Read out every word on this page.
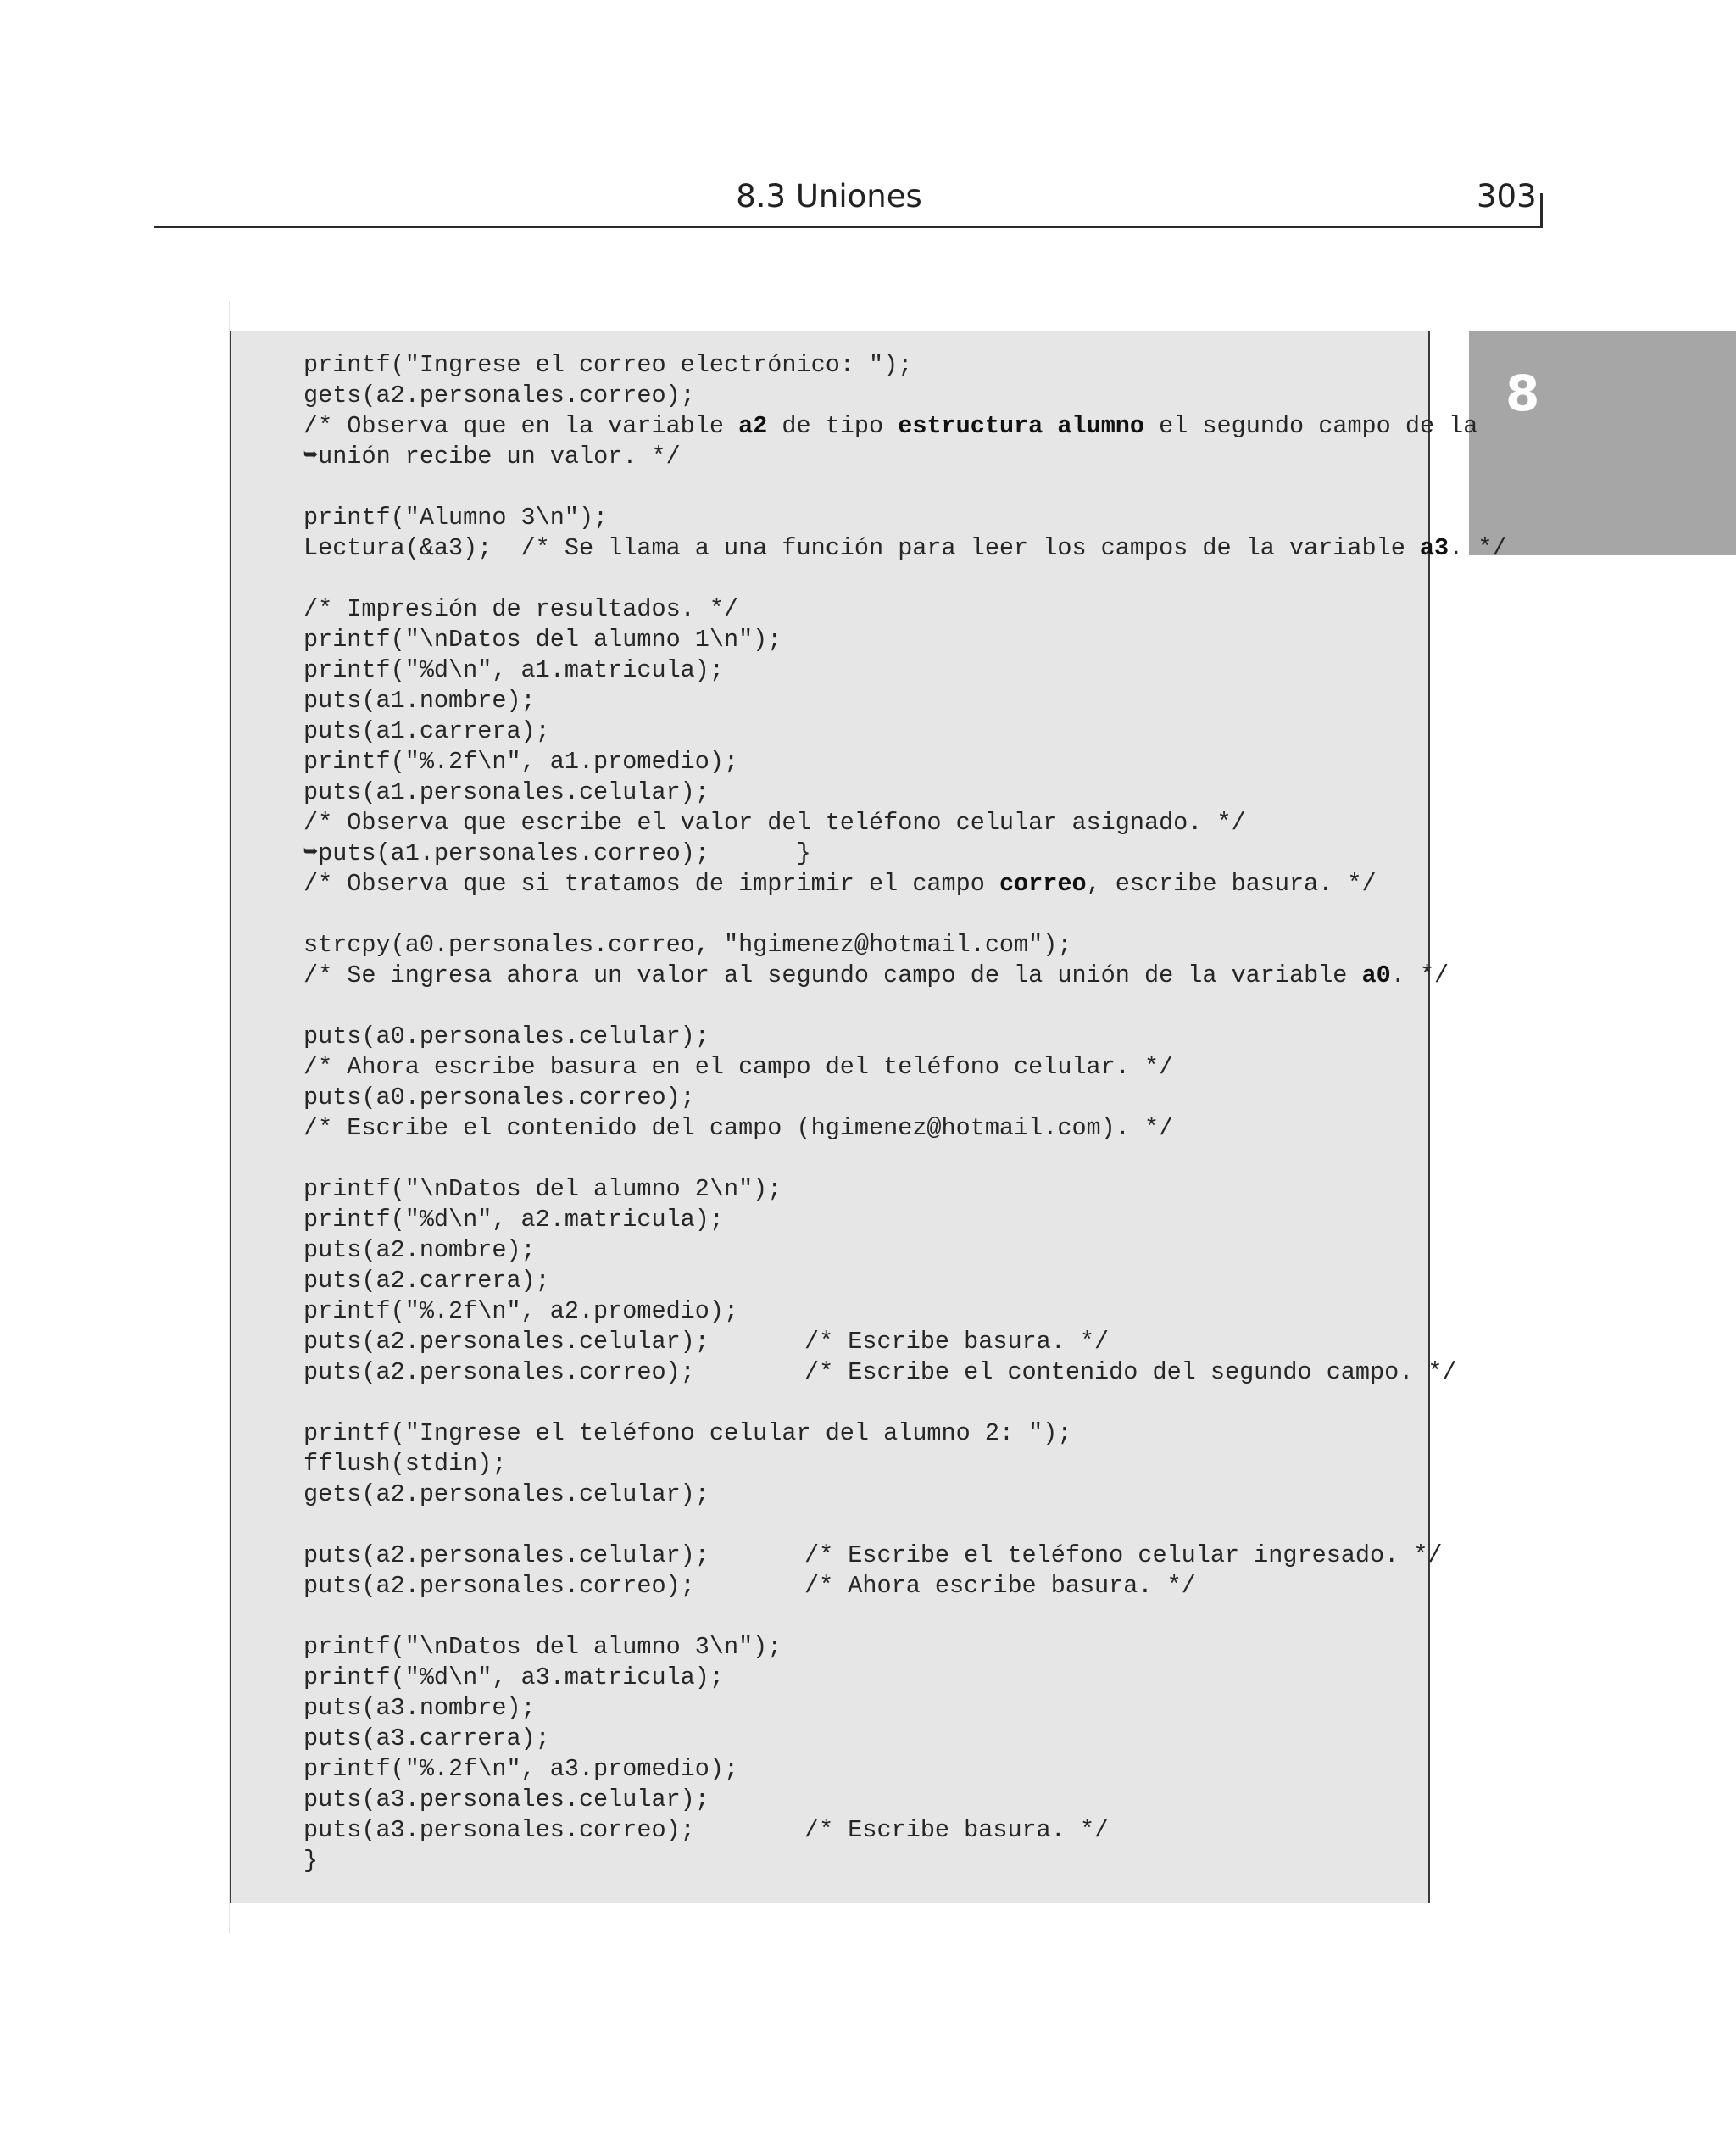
8.3 Uniones	303
8
printf("Ingrese el correo electrónico: ");
gets(a2.personales.correo);
/* Observa que en la variable a2 de tipo estructura alumno el segundo campo de la
➥unión recibe un valor. */
printf("Alumno 3\n");
Lectura(&a3);  /* Se llama a una función para leer los campos de la variable a3. */
/* Impresión de resultados. */
printf("\nDatos del alumno 1\n");
printf("%d\n", a1.matricula);
puts(a1.nombre);
puts(a1.carrera);
printf("%.2f\n", a1.promedio);
puts(a1.personales.celular);
/* Observa que escribe el valor del teléfono celular asignado. */
➥puts(a1.personales.correo);	}
/* Observa que si tratamos de imprimir el campo correo, escribe basura. */
strcpy(a0.personales.correo, "hgimenez@hotmail.com");
/* Se ingresa ahora un valor al segundo campo de la unión de la variable a0. */
puts(a0.personales.celular);
/* Ahora escribe basura en el campo del teléfono celular. */
puts(a0.personales.correo);
/* Escribe el contenido del campo (hgimenez@hotmail.com). */
printf("\nDatos del alumno 2\n");
printf("%d\n", a2.matricula);
puts(a2.nombre);
puts(a2.carrera);
printf("%.2f\n", a2.promedio);
puts(a2.personales.celular);	/* Escribe basura. */
puts(a2.personales.correo);	/* Escribe el contenido del segundo campo. */
printf("Ingrese el teléfono celular del alumno 2: ");
fflush(stdin);
gets(a2.personales.celular);
puts(a2.personales.celular);	/* Escribe el teléfono celular ingresado. */
puts(a2.personales.correo);	/* Ahora escribe basura. */
printf("\nDatos del alumno 3\n");
printf("%d\n", a3.matricula);
puts(a3.nombre);
puts(a3.carrera);
printf("%.2f\n", a3.promedio);
puts(a3.personales.celular);
puts(a3.personales.correo);	/* Escribe basura. */
}
